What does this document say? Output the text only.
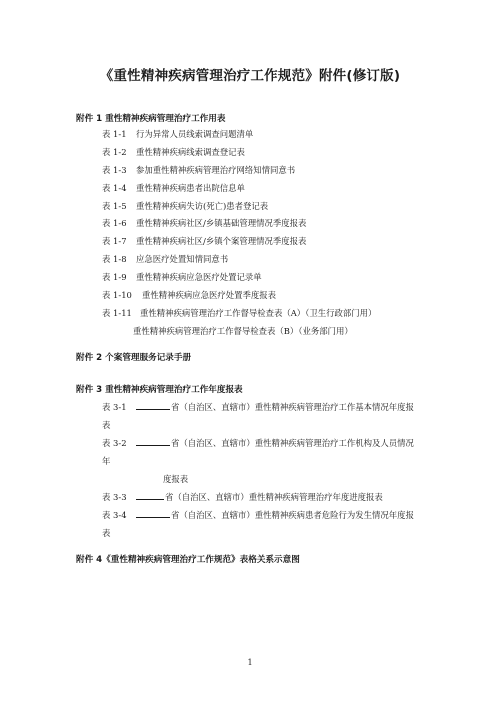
《重性精神疾病管理治疗工作规范》附件(修订版)
附件 1 重性精神疾病管理治疗工作用表
表 1-1 行为异常人员线索调查问题清单
表 1-2 重性精神疾病线索调查登记表
表 1-3 参加重性精神疾病管理治疗网络知情同意书
表 1-4 重性精神疾病患者出院信息单
表 1-5 重性精神疾病失访(死亡)患者登记表
表 1-6 重性精神疾病社区/乡镇基础管理情况季度报表
表 1-7 重性精神疾病社区/乡镇个案管理情况季度报表
表 1-8 应急医疗处置知情同意书
表 1-9 重性精神疾病应急医疗处置记录单
表 1-10 重性精神疾病应急医疗处置季度报表
表 1-11 重性精神疾病管理治疗工作督导检查表（A）（卫生行政部门用）
重性精神疾病管理治疗工作督导检查表（B）（业务部门用）
附件 2 个案管理服务记录手册
附件 3 重性精神疾病管理治疗工作年度报表
表 3-1	省（自治区、直辖市）重性精神疾病管理治疗工作基本情况年度报
表
表 3-2	省（自治区、直辖市）重性精神疾病管理治疗工作机构及人员情况
年
度报表
表 3-3	省（自治区、直辖市）重性精神疾病管理治疗年度进度报表
表 3-4	省（自治区、直辖市）重性精神疾病患者危险行为发生情况年度报
表
附件 4《重性精神疾病管理治疗工作规范》表格关系示意图
1
